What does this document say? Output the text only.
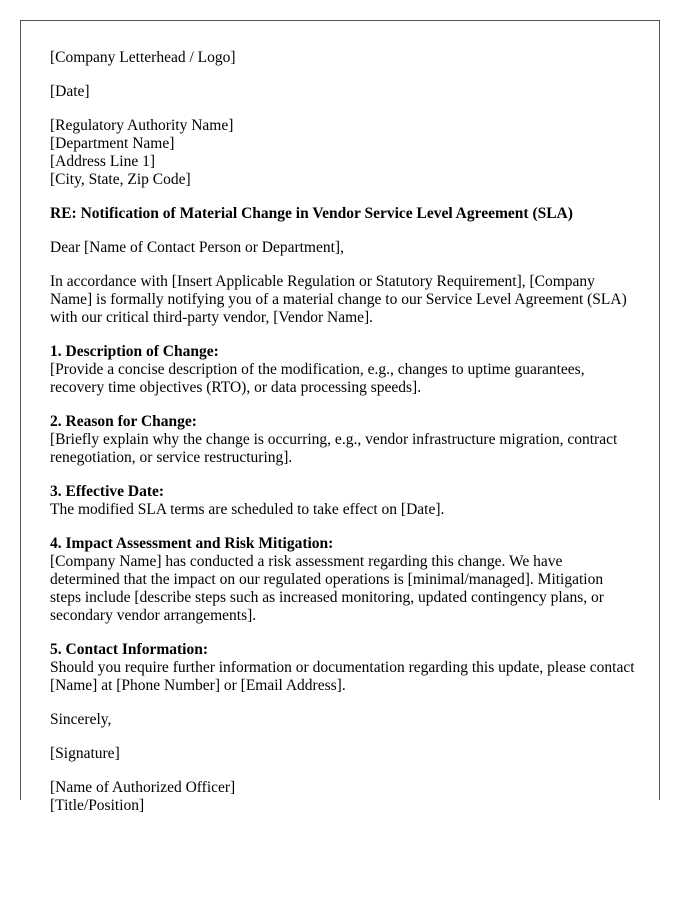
[Company Letterhead / Logo]

[Date]

[Regulatory Authority Name]
[Department Name]
[Address Line 1]
[City, State, Zip Code]

RE: Notification of Material Change in Vendor Service Level Agreement (SLA)

Dear [Name of Contact Person or Department],

In accordance with [Insert Applicable Regulation or Statutory Requirement], [Company Name] is formally notifying you of a material change to our Service Level Agreement (SLA) with our critical third-party vendor, [Vendor Name].

1. Description of Change:
[Provide a concise description of the modification, e.g., changes to uptime guarantees, recovery time objectives (RTO), or data processing speeds].

2. Reason for Change:
[Briefly explain why the change is occurring, e.g., vendor infrastructure migration, contract renegotiation, or service restructuring].

3. Effective Date:
The modified SLA terms are scheduled to take effect on [Date].

4. Impact Assessment and Risk Mitigation:
[Company Name] has conducted a risk assessment regarding this change. We have determined that the impact on our regulated operations is [minimal/managed]. Mitigation steps include [describe steps such as increased monitoring, updated contingency plans, or secondary vendor arrangements].

5. Contact Information:
Should you require further information or documentation regarding this update, please contact [Name] at [Phone Number] or [Email Address].

Sincerely,

[Signature]

[Name of Authorized Officer]
[Title/Position]
